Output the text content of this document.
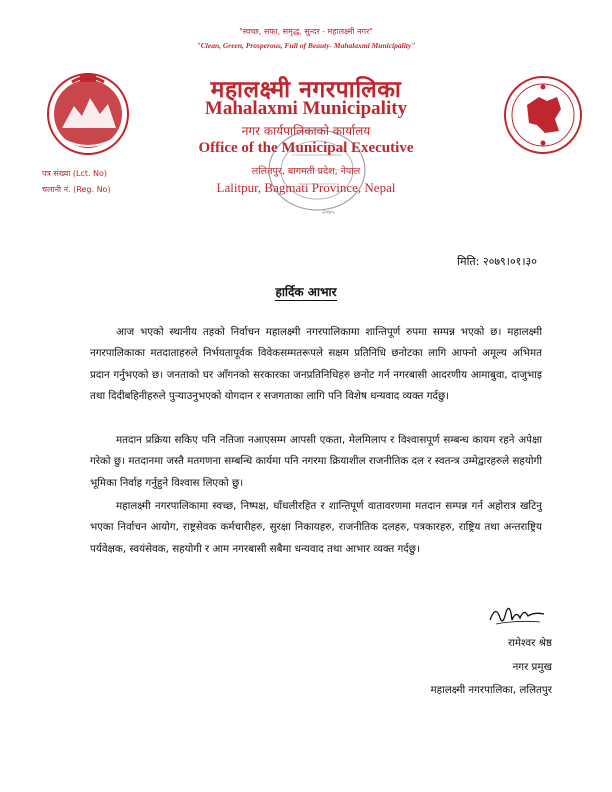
"स्वच्छ, सफा, समृद्ध, सुन्दर - महालक्ष्मी नगर"
"Clean, Green, Prosperous, Full of Beauty- Mahalaxmi Municipality"
महालक्ष्मी नगरपालिका
Mahalaxmi Municipality
नगर कार्यपालिकाको कार्यालय
Office of the Municipal Executive
ललितपुर, बागमती प्रदेश, नेपाल
Lalitpur, Bagmati Province, Nepal
पत्र संख्या (Lct. No)
चलानी नं. (Reg. No)
२०७५
मिति: २०७९।०१।३०
हार्दिक आभार

आज भएको स्थानीय तहको निर्वाचन महालक्ष्मी नगरपालिकामा शान्तिपूर्ण रुपमा सम्पन्न भएको छ। महालक्ष्मी नगरपालिकाका मतदाताहरुले निर्भयतापूर्वक विवेकसम्मतरूपले सक्षम प्रतिनिधि छनोटका लागि आफ्नो अमूल्य अभिमत प्रदान गर्नुभएको छ। जनताको घर आँगनको सरकारका जनप्रतिनिधिहरु छनोट गर्न नगरबासी आदरणीय आमाबुवा, दाजुभाइ तथा दिदीबहिनीहरुले पुऱ्याउनुभएको योगदान र सजगताका लागि पनि विशेष धन्यवाद व्यक्त गर्दछु।

मतदान प्रक्रिया सकिए पनि नतिजा नआएसम्म आपसी एकता, मेलमिलाप र विश्वासपूर्ण सम्बन्ध कायम रहने अपेक्षा गरेको छु। मतदानमा जस्तै मतगणना सम्बन्धि कार्यमा पनि नगरमा क्रियाशील राजनीतिक दल र स्वतन्त्र उम्मेद्वारहरुले सहयोगी भूमिका निर्वाह गर्नुहुने विश्वास लिएको छु।

महालक्ष्मी नगरपालिकामा स्वच्छ, निष्पक्ष, धाँधलीरहित र शान्तिपूर्ण वातावरणमा मतदान सम्पन्न गर्न अहोरात्र खटिनु भएका निर्वाचन आयोग, राष्ट्रसेवक कर्मचारीहरु, सुरक्षा निकायहरु, राजनीतिक दलहरु, पत्रकारहरु, राष्ट्रिय तथा अन्तराष्ट्रिय पर्यवेक्षक, स्वयंसेवक, सहयोगी र आम नगरबासी सबैमा धन्यवाद तथा आभार व्यक्त गर्दछु।

रामेश्वर श्रेष्ठ
नगर प्रमुख
महालक्ष्मी नगरपालिका, ललितपुर
